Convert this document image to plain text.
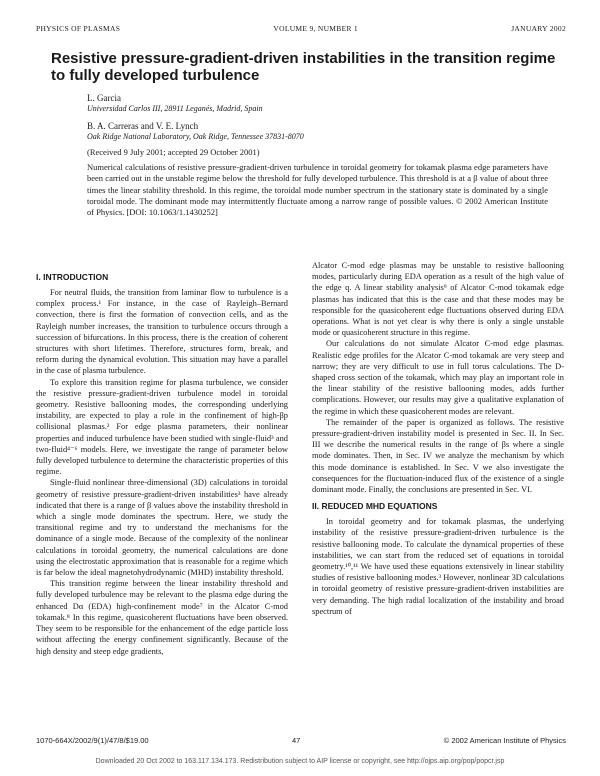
PHYSICS OF PLASMAS	VOLUME 9, NUMBER 1	JANUARY 2002
Resistive pressure-gradient-driven instabilities in the transition regime to fully developed turbulence
L. Garcia
Universidad Carlos III, 28911 Leganés, Madrid, Spain
B. A. Carreras and V. E. Lynch
Oak Ridge National Laboratory, Oak Ridge, Tennessee 37831-8070
(Received 9 July 2001; accepted 29 October 2001)

Numerical calculations of resistive pressure-gradient-driven turbulence in toroidal geometry for tokamak plasma edge parameters have been carried out in the unstable regime below the threshold for fully developed turbulence. This threshold is at a β value of about three times the linear stability threshold. In this regime, the toroidal mode number spectrum in the stationary state is dominated by a single toroidal mode. The dominant mode may intermittently fluctuate among a narrow range of possible values. © 2002 American Institute of Physics. [DOI: 10.1063/1.1430252]

I. INTRODUCTION

For neutral fluids, the transition from laminar flow to turbulence is a complex process.¹ For instance, in the case of Rayleigh–Bernard convection, there is first the formation of convection cells, and as the Rayleigh number increases, the transition to turbulence occurs through a succession of bifurcations. In this process, there is the creation of coherent structures with short lifetimes. Therefore, structures form, break, and reform during the dynamical evolution. This situation may have a parallel in the case of plasma turbulence.

To explore this transition regime for plasma turbulence, we consider the resistive pressure-gradient-driven turbulence model in toroidal geometry. Resistive ballooning modes, the corresponding underlying instability, are expected to play a role in the confinement of high-βp collisional plasmas.² For edge plasma parameters, their nonlinear properties and induced turbulence have been studied with single-fluid³ and two-fluid⁴⁻⁶ models. Here, we investigate the range of parameter below fully developed turbulence to determine the characteristic properties of this regime.

Single-fluid nonlinear three-dimensional (3D) calculations in toroidal geometry of resistive pressure-gradient-driven instabilities³ have already indicated that there is a range of β values above the instability threshold in which a single mode dominates the spectrum. Here, we study the transitional regime and try to understand the mechanisms for the dominance of a single mode. Because of the complexity of the nonlinear calculations in toroidal geometry, the numerical calculations are done using the electrostatic approximation that is reasonable for a regime which is far below the ideal magnetohydrodynamic (MHD) instability threshold.

This transition regime between the linear instability threshold and fully developed turbulence may be relevant to the plasma edge during the enhanced Dα (EDA) high-confinement mode⁷ in the Alcator C-mod tokamak.⁸ In this regime, quasicoherent fluctuations have been observed. They seem to be responsible for the enhancement of the edge particle loss without affecting the energy confinement significantly. Because of the high density and steep edge gradients,

Alcator C-mod edge plasmas may be unstable to resistive ballooning modes, particularly during EDA operation as a result of the high value of the edge q. A linear stability analysis⁹ of Alcator C-mod tokamak edge plasmas has indicated that this is the case and that these modes may be responsible for the quasicoherent edge fluctuations observed during EDA operations. What is not yet clear is why there is only a single unstable mode or quasicoherent structure in this regime.

Our calculations do not simulate Alcator C-mod edge plasmas. Realistic edge profiles for the Alcator C-mod tokamak are very steep and narrow; they are very difficult to use in full torus calculations. The D-shaped cross section of the tokamak, which may play an important role in the linear stability of the resistive ballooning modes, adds further complications. However, our results may give a qualitative explanation of the regime in which these quasicoherent modes are relevant.

The remainder of the paper is organized as follows. The resistive pressure-gradient-driven instability model is presented in Sec. II. In Sec. III we describe the numerical results in the range of βs where a single mode dominates. Then, in Sec. IV we analyze the mechanism by which this mode dominance is established. In Sec. V we also investigate the consequences for the fluctuation-induced flux of the existence of a single dominant mode. Finally, the conclusions are presented in Sec. VI.

II. REDUCED MHD EQUATIONS

In toroidal geometry and for tokamak plasmas, the underlying instability of the resistive pressure-gradient-driven turbulence is the resistive ballooning mode. To calculate the dynamical properties of these instabilities, we can start from the reduced set of equations in toroidal geometry.¹⁰,¹¹ We have used these equations extensively in linear stability studies of resistive ballooning modes.³ However, nonlinear 3D calculations in toroidal geometry of resistive pressure-gradient-driven instabilities are very demanding. The high radial localization of the instability and broad spectrum of

1070-664X/2002/9(1)/47/8/$19.00	47	© 2002 American Institute of Physics
Downloaded 20 Oct 2002 to 163.117.134.173. Redistribution subject to AIP license or copyright, see http://ojps.aip.org/pop/popcr.jsp
